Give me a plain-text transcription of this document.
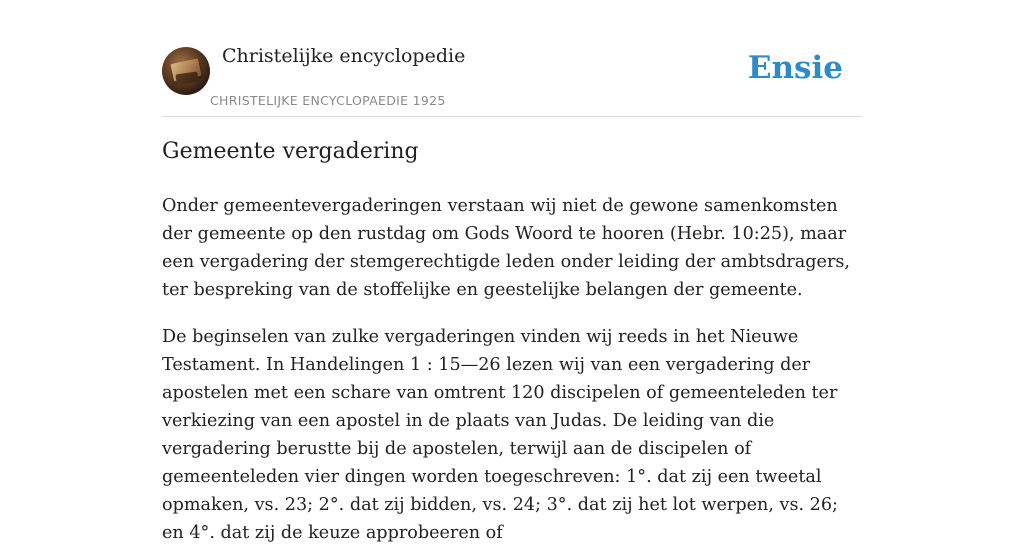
Christelijke encyclopedie
CHRISTELIJKE ENCYCLOPAEDIE 1925
Ensie
Gemeente vergadering

Onder gemeentevergaderingen verstaan wij niet de gewone samenkomsten der gemeente op den rustdag om Gods Woord te hooren (Hebr. 10:25), maar een vergadering der stemgerechtigde leden onder leiding der ambtsdragers, ter bespreking van de stoffelijke en geestelijke belangen der gemeente.

De beginselen van zulke vergaderingen vinden wij reeds in het Nieuwe Testament. In Handelingen 1 : 15—26 lezen wij van een vergadering der apostelen met een schare van omtrent 120 discipelen of gemeenteleden ter verkiezing van een apostel in de plaats van Judas. De leiding van die vergadering berustte bij de apostelen, terwijl aan de discipelen of gemeenteleden vier dingen worden toegeschreven: 1°. dat zij een tweetal opmaken, vs. 23; 2°. dat zij bidden, vs. 24; 3°. dat zij het lot werpen, vs. 26; en 4°. dat zij de keuze approbeeren of
